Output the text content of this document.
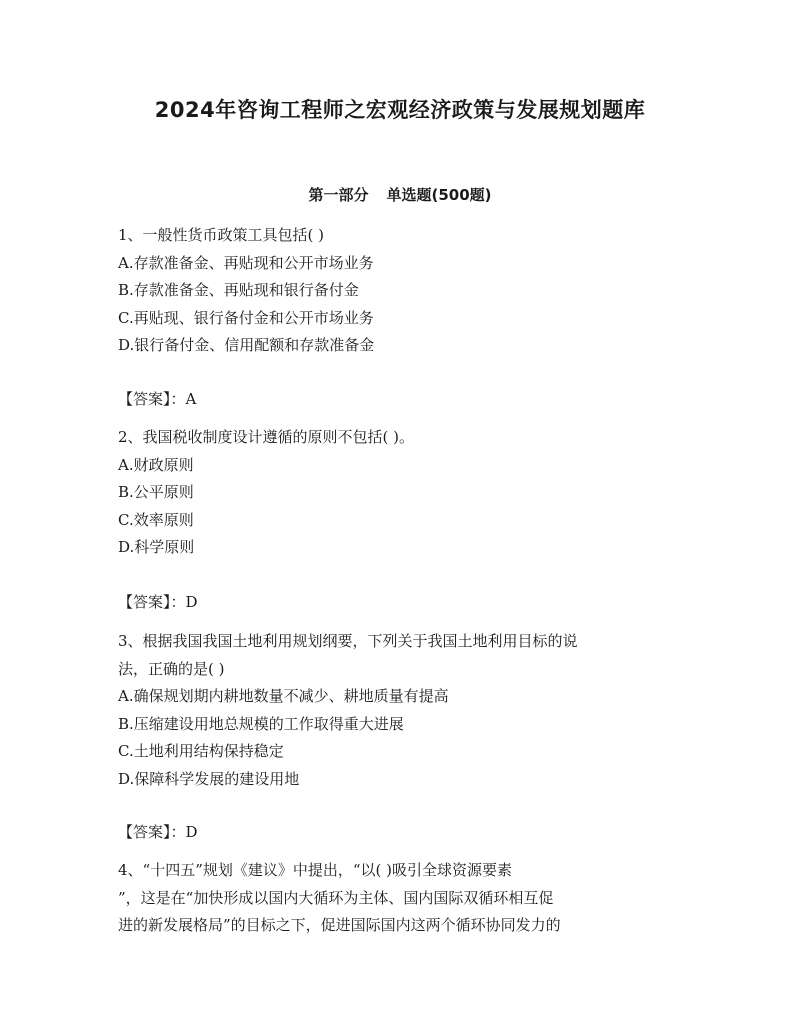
2024年咨询工程师之宏观经济政策与发展规划题库
第一部分 单选题(500题)
1、一般性货币政策工具包括( )
A.存款准备金、再贴现和公开市场业务
B.存款准备金、再贴现和银行备付金
C.再贴现、银行备付金和公开市场业务
D.银行备付金、信用配额和存款准备金
【答案】：A
2、我国税收制度设计遵循的原则不包括( )。
A.财政原则
B.公平原则
C.效率原则
D.科学原则
【答案】：D
3、根据我国我国土地利用规划纲要，下列关于我国土地利用目标的说
法，正确的是( )
A.确保规划期内耕地数量不减少、耕地质量有提高
B.压缩建设用地总规模的工作取得重大进展
C.土地利用结构保持稳定
D.保障科学发展的建设用地
【答案】：D
4、“十四五”规划《建议》中提出，“以( )吸引全球资源要素
”，这是在“加快形成以国内大循环为主体、国内国际双循环相互促
进的新发展格局”的目标之下，促进国际国内这两个循环协同发力的
